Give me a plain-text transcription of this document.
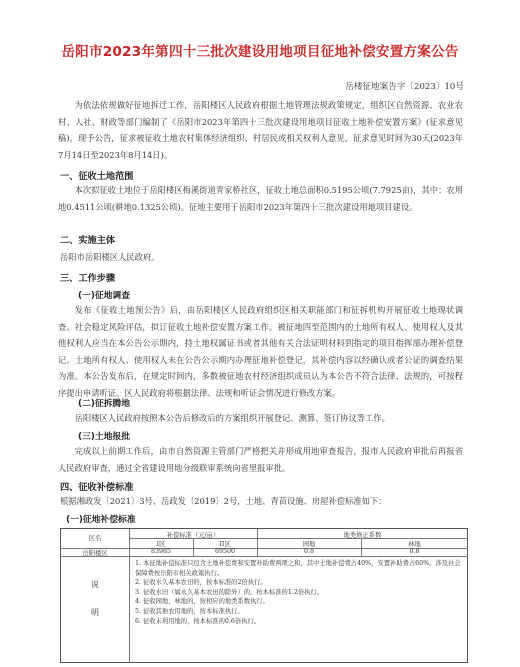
岳阳市2023年第四十三批次建设用地项目征地补偿安置方案公告
岳楼征地案告字〔2023〕10号
为依法依规做好征地拆迁工作，岳阳楼区人民政府根据土地管理法规政策规定，组织区自然资源、农业农村、人社、财政等部门编制了《岳阳市2023年第四十三批次建设用地项目征收土地补偿安置方案》(征求意见稿)，现予公告，征求被征收土地农村集体经济组织、村居民或相关权利人意见，征求意见时间为30天(2023年7月14日至2023年8月14日)。
一、征收土地范围
本次拟征收土地位于岳阳楼区梅溪街道青家桥社区，征收土地总面积0.5195公顷(7.7925亩)，其中：农用地0.4511公顷(耕地0.1325公顷)。征地主要用于岳阳市2023年第四十三批次建设用地项目建设。
二、实施主体
岳阳市岳阳楼区人民政府。
三、工作步骤
(一)征地调查
发布《征收土地预公告》后，由岳阳楼区人民政府组织区相关职能部门和征拆机构开展征收土地现状调查、社会稳定风险评估，拟订征收土地补偿安置方案工作。被征地四至范围内的土地所有权人、使用权人及其他权利人应当在本公告公示期内，持土地权属证书或者其他有关合法证明材料到指定的项目指挥部办理补偿登记。土地所有权人、使用权人未在公告公示期内办理征地补偿登记，其补偿内容以经确认或者公证的调查结果为准。本公告发布后，在规定时间内，多数被征地农村经济组织成员认为本公告不符合法律、法规的，可按程序提出申请听证。区人民政府将根据法律、法规和听证会情况进行修改方案。
(二)征拆腾地
岳阳楼区人民政府按照本公告后修改后的方案组织开展登记、测算、签订协议等工作。
(三)土地报批
完成以上前期工作后，由市自然资源主管部门严格把关并形成用地审查报告，报市人民政府审批后再报省人民政府审查，通过全省建设用地分级联审系统向省里报审批。
四、征收补偿标准
根据湘政发〔2021〕3号、岳政发〔2019〕2号，土地、青苗设施、房屋补偿标准如下：
(一)征地补偿标准
区名	补偿标准（元/亩）	地类修正系数
I区	II区	园地	林地
岳阳楼区	83985	69500	0.8	0.8
说
明
1. 本征地补偿标准只包含土地补偿费和安置补助费两项之和，其中土地补偿费占40%，安置补助费占60%。涉及社会保障费按岳阳市相关政策执行。
2. 征收水久基本农田的，按本标准的2倍执行。
3. 征收水田（属永久基本农田的除外）的，按本标准的1.2倍执行。
4. 征收园地、林地的，按相应的地类系数执行。
5. 征收其他农用地的，按本标准执行。
6. 征收未利用地的，按本标准的0.6倍执行。
